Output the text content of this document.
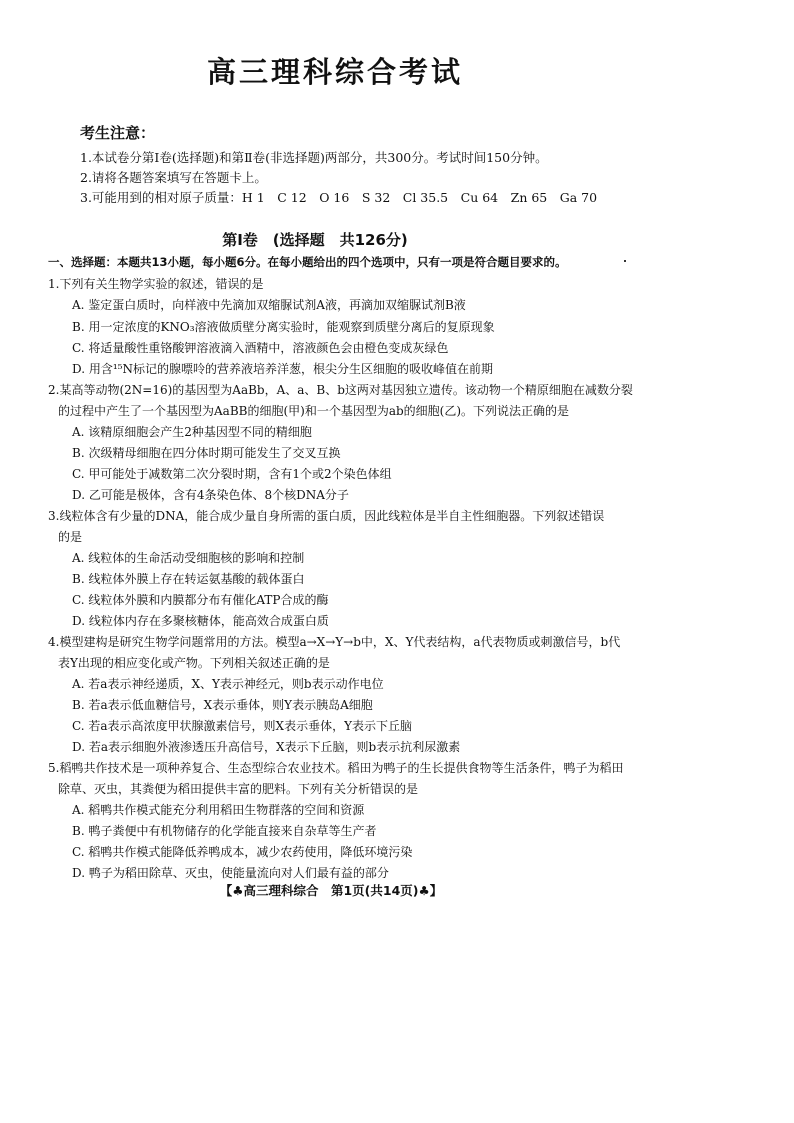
高三理科综合考试
考生注意：
1.本试卷分第Ⅰ卷(选择题)和第Ⅱ卷(非选择题)两部分，共300分。考试时间150分钟。
2.请将各题答案填写在答题卡上。
3.可能用到的相对原子质量：H 1　C 12　O 16　S 32　Cl 35.5　Cu 64　Zn 65　Ga 70
第Ⅰ卷　(选择题　共126分)
一、选择题：本题共13小题，每小题6分。在每小题给出的四个选项中，只有一项是符合题目要求的。
1.下列有关生物学实验的叙述，错误的是
A. 鉴定蛋白质时，向样液中先滴加双缩脲试剂A液，再滴加双缩脲试剂B液
B. 用一定浓度的KNO₃溶液做质壁分离实验时，能观察到质壁分离后的复原现象
C. 将适量酸性重铬酸钾溶液滴入酒精中，溶液颜色会由橙色变成灰绿色
D. 用含¹⁵N标记的腺嘌呤的营养液培养洋葱，根尖分生区细胞的吸收峰值在前期
2.某高等动物(2N=16)的基因型为AaBb，A、a、B、b这两对基因独立遗传。该动物一个精原细胞在减数分裂
的过程中产生了一个基因型为AaBB的细胞(甲)和一个基因型为ab的细胞(乙)。下列说法正确的是
A. 该精原细胞会产生2种基因型不同的精细胞
B. 次级精母细胞在四分体时期可能发生了交叉互换
C. 甲可能处于减数第二次分裂时期，含有1个或2个染色体组
D. 乙可能是极体，含有4条染色体、8个核DNA分子
3.线粒体含有少量的DNA，能合成少量自身所需的蛋白质，因此线粒体是半自主性细胞器。下列叙述错误
的是
A. 线粒体的生命活动受细胞核的影响和控制
B. 线粒体外膜上存在转运氨基酸的载体蛋白
C. 线粒体外膜和内膜都分布有催化ATP合成的酶
D. 线粒体内存在多聚核糖体，能高效合成蛋白质
4.模型建构是研究生物学问题常用的方法。模型a→X→Y→b中，X、Y代表结构，a代表物质或刺激信号，b代
表Y出现的相应变化或产物。下列相关叙述正确的是
A. 若a表示神经递质，X、Y表示神经元，则b表示动作电位
B. 若a表示低血糖信号，X表示垂体，则Y表示胰岛A细胞
C. 若a表示高浓度甲状腺激素信号，则X表示垂体，Y表示下丘脑
D. 若a表示细胞外液渗透压升高信号，X表示下丘脑，则b表示抗利尿激素
5.稻鸭共作技术是一项种养复合、生态型综合农业技术。稻田为鸭子的生长提供食物等生活条件，鸭子为稻田
除草、灭虫，其粪便为稻田提供丰富的肥料。下列有关分析错误的是
A. 稻鸭共作模式能充分利用稻田生物群落的空间和资源
B. 鸭子粪便中有机物储存的化学能直接来自杂草等生产者
C. 稻鸭共作模式能降低养鸭成本，减少农药使用，降低环境污染
D. 鸭子为稻田除草、灭虫，使能量流向对人们最有益的部分
【♣高三理科综合　第1页(共14页)♣】
